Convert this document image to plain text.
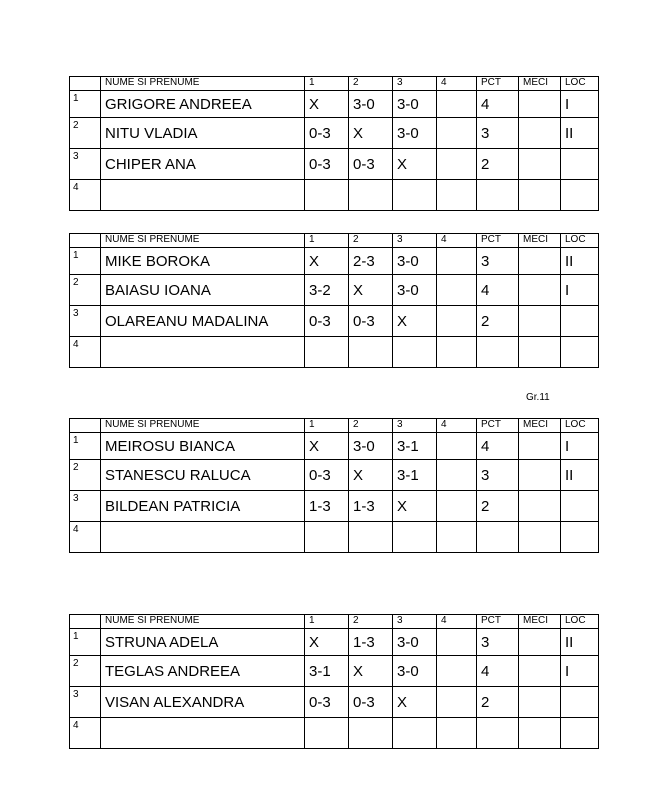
Gr.11
	NUME SI PRENUME	1	2	3	4	PCT	MECI	LOC
1	GRIGORE ANDREEA	X	3-0	3-0		4		I
2	NITU VLADIA	0-3	X	3-0		3		II
3	CHIPER ANA	0-3	0-3	X		2		
4								
	NUME SI PRENUME	1	2	3	4	PCT	MECI	LOC
1	MIKE BOROKA	X	2-3	3-0		3		II
2	BAIASU IOANA	3-2	X	3-0		4		I
3	OLAREANU MADALINA	0-3	0-3	X		2		
4								
	NUME SI PRENUME	1	2	3	4	PCT	MECI	LOC
1	MEIROSU BIANCA	X	3-0	3-1		4		I
2	STANESCU RALUCA	0-3	X	3-1		3		II
3	BILDEAN PATRICIA	1-3	1-3	X		2		
4								
	NUME SI PRENUME	1	2	3	4	PCT	MECI	LOC
1	STRUNA ADELA	X	1-3	3-0		3		II
2	TEGLAS ANDREEA	3-1	X	3-0		4		I
3	VISAN ALEXANDRA	0-3	0-3	X		2		
4								
